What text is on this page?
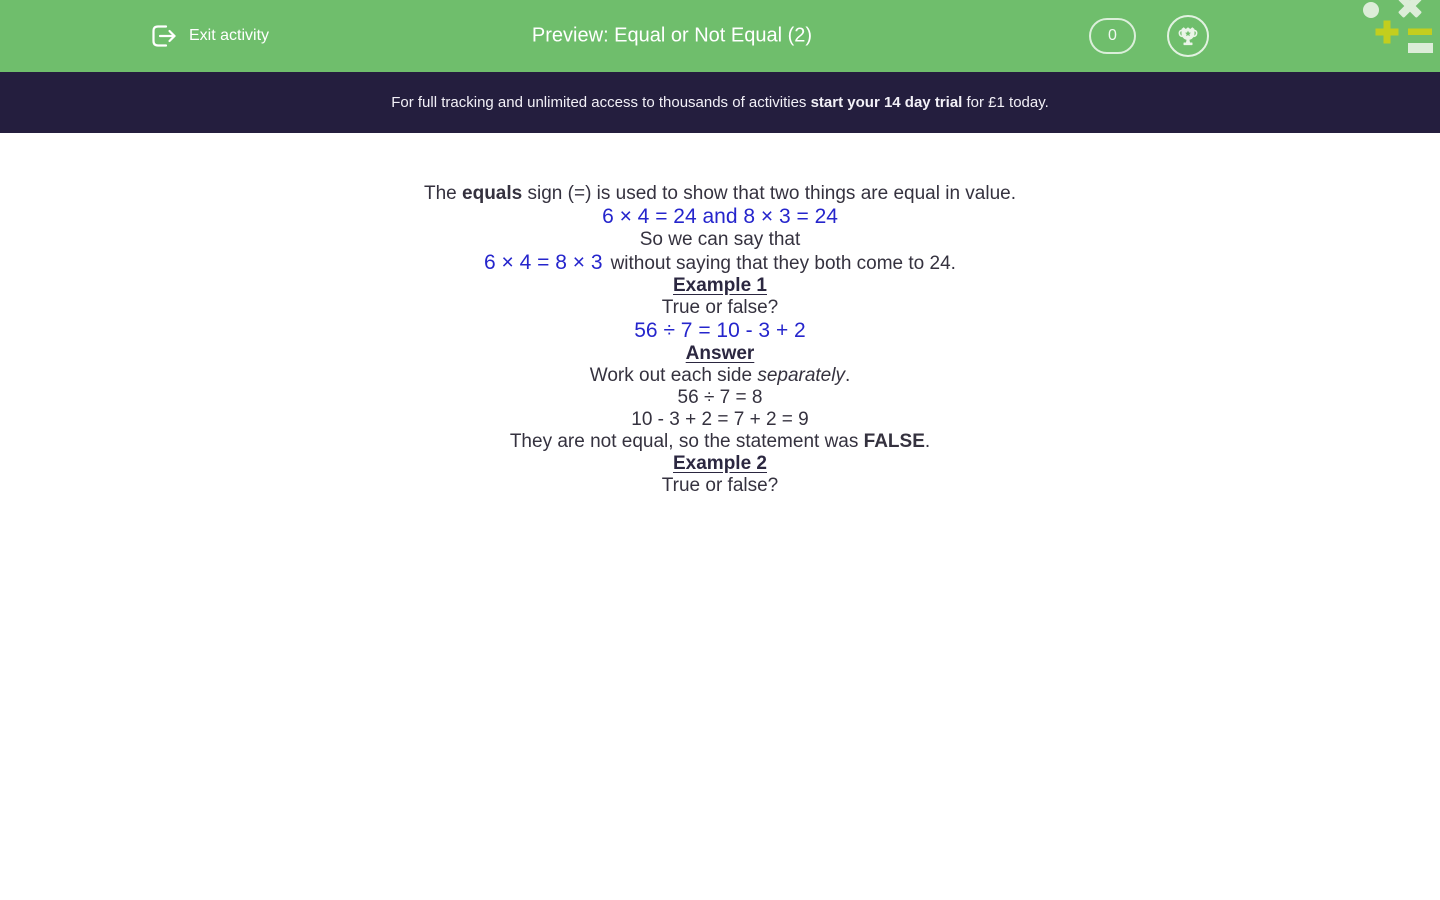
Exit activity	Preview: Equal or Not Equal (2)	0

For full tracking and unlimited access to thousands of activities start your 14 day trial for £1 today.

The equals sign (=) is used to show that two things are equal in value.

6 × 4 = 24 and 8 × 3 = 24

So we can say that

6 × 4 = 8 × 3 without saying that they both come to 24.

Example 1

True or false?

56 ÷ 7 = 10 - 3 + 2

Answer

Work out each side separately.

56 ÷ 7 = 8

10 - 3 + 2 = 7 + 2 = 9

They are not equal, so the statement was FALSE.

Example 2

True or false?
